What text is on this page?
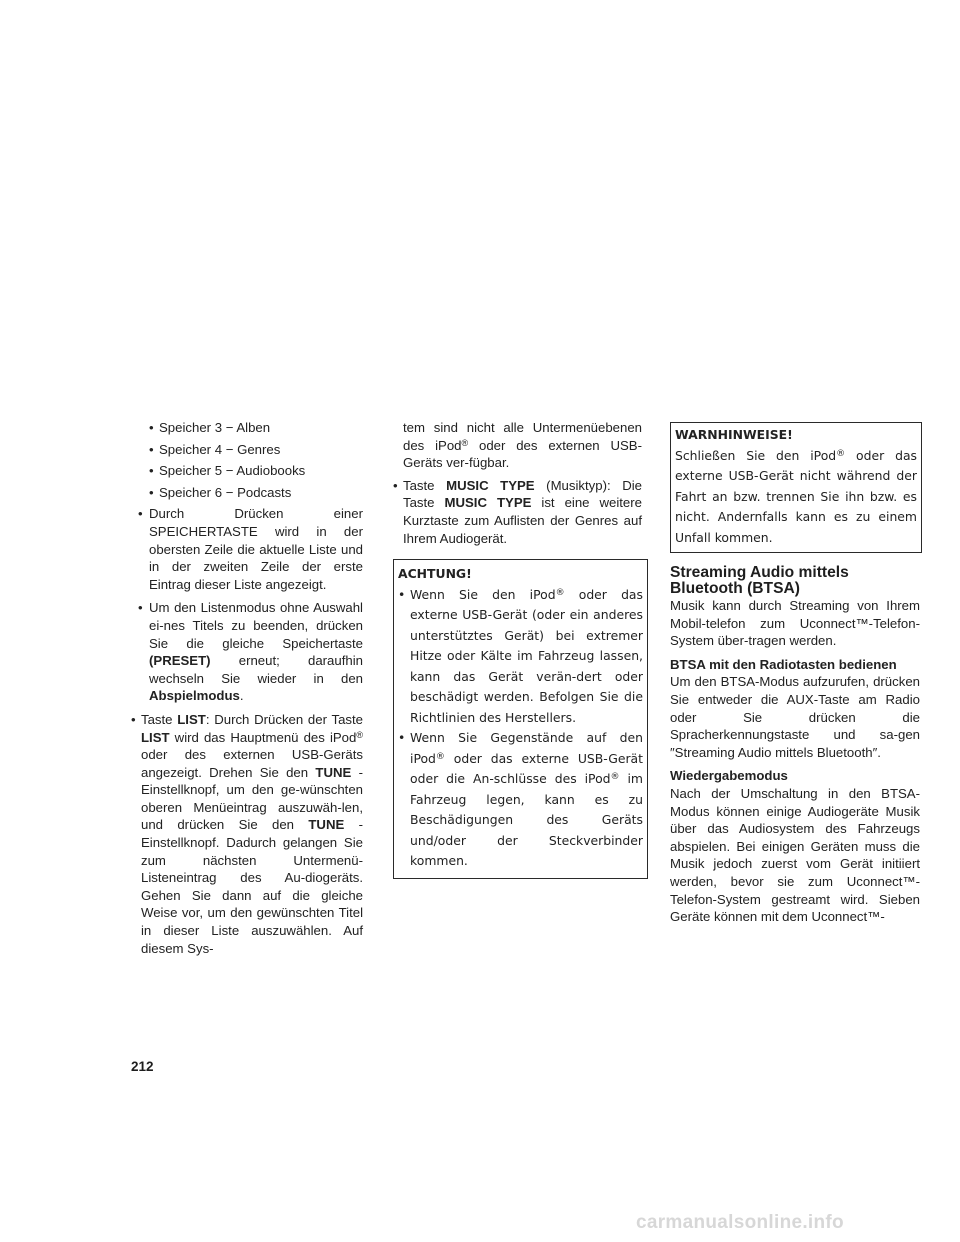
• Speicher 3 − Alben
• Speicher 4 − Genres
• Speicher 5 − Audiobooks
• Speicher 6 − Podcasts
• Durch Drücken einer SPEICHERTASTE wird in der obersten Zeile die aktuelle Liste und in der zweiten Zeile der erste Eintrag dieser Liste angezeigt.
• Um den Listenmodus ohne Auswahl ei-nes Titels zu beenden, drücken Sie die gleiche Speichertaste (PRESET) erneut; daraufhin wechseln Sie wieder in den Abspielmodus.
• Taste LIST: Durch Drücken der Taste LIST wird das Hauptmenü des iPod® oder des externen USB-Geräts angezeigt. Drehen Sie den TUNE -Einstellknopf, um den ge-wünschten oberen Menüeintrag auszuwäh-len, und drücken Sie den TUNE -Einstellknopf. Dadurch gelangen Sie zum nächsten Untermenü-Listeneintrag des Au-diogeräts. Gehen Sie dann auf die gleiche Weise vor, um den gewünschten Titel in dieser Liste auszuwählen. Auf diesem Sys-

tem sind nicht alle Untermenüebenen des iPod® oder des externen USB-Geräts ver-fügbar.

• Taste MUSIC TYPE (Musiktyp): Die Taste MUSIC TYPE ist eine weitere Kurztaste zum Auflisten der Genres auf Ihrem Audiogerät.
ACHTUNG!
• Wenn Sie den iPod® oder das externe USB-Gerät (oder ein anderes unterstütztes Gerät) bei extremer Hitze oder Kälte im Fahrzeug lassen, kann das Gerät verän-dert oder beschädigt werden. Befolgen Sie die Richtlinien des Herstellers.
• Wenn Sie Gegenstände auf den iPod® oder das externe USB-Gerät oder die An-schlüsse des iPod® im Fahrzeug legen, kann es zu Beschädigungen des Geräts und/oder der Steckverbinder kommen.
WARNHINWEISE!

Schließen Sie den iPod® oder das externe USB-Gerät nicht während der Fahrt an bzw. trennen Sie ihn bzw. es nicht. Andernfalls kann es zu einem Unfall kommen.

Streaming Audio mittels Bluetooth (BTSA)

Musik kann durch Streaming von Ihrem Mobil-telefon zum Uconnect™-Telefon-System über-tragen werden.

BTSA mit den Radiotasten bedienen

Um den BTSA-Modus aufzurufen, drücken Sie entweder die AUX-Taste am Radio oder Sie drücken die Spracherkennungstaste und sa-gen ″Streaming Audio mittels Bluetooth″.

Wiedergabemodus

Nach der Umschaltung in den BTSA-Modus können einige Audiogeräte Musik über das Audiosystem des Fahrzeugs abspielen. Bei einigen Geräten muss die Musik jedoch zuerst vom Gerät initiiert werden, bevor sie zum Uconnect™-Telefon-System gestreamt wird. Sieben Geräte können mit dem Uconnect™-

212
carmanualsonline.info
